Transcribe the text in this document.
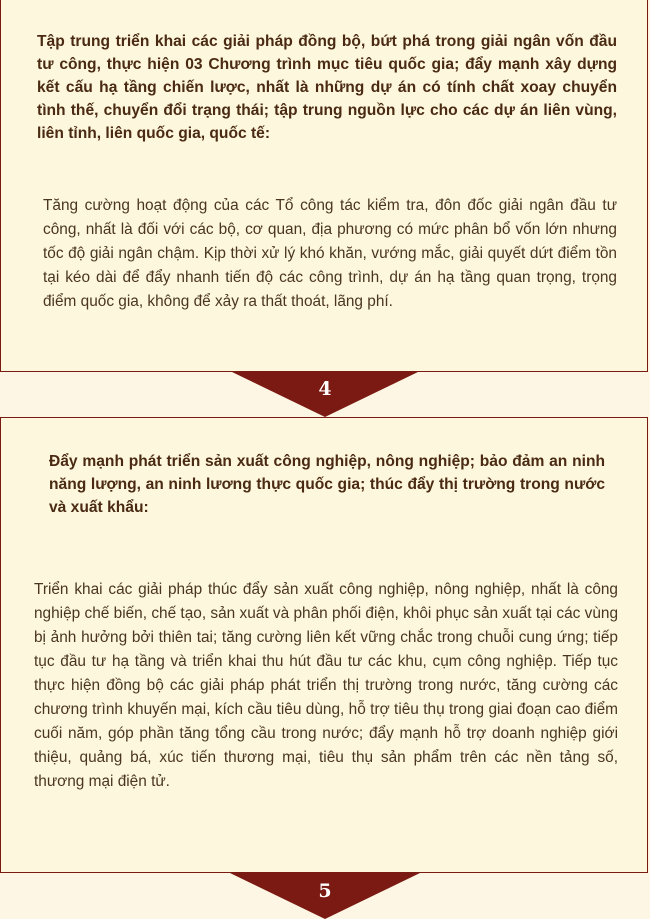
Tập trung triển khai các giải pháp đồng bộ, bứt phá trong giải ngân vốn đầu tư công, thực hiện 03 Chương trình mục tiêu quốc gia; đẩy mạnh xây dựng kết cấu hạ tầng chiến lược, nhất là những dự án có tính chất xoay chuyển tình thế, chuyển đổi trạng thái; tập trung nguồn lực cho các dự án liên vùng, liên tỉnh, liên quốc gia, quốc tế:
Tăng cường hoạt động của các Tổ công tác kiểm tra, đôn đốc giải ngân đầu tư công, nhất là đối với các bộ, cơ quan, địa phương có mức phân bổ vốn lớn nhưng tốc độ giải ngân chậm. Kịp thời xử lý khó khăn, vướng mắc, giải quyết dứt điểm tồn tại kéo dài để đẩy nhanh tiến độ các công trình, dự án hạ tầng quan trọng, trọng điểm quốc gia, không để xảy ra thất thoát, lãng phí.
4
Đẩy mạnh phát triển sản xuất công nghiệp, nông nghiệp; bảo đảm an ninh năng lượng, an ninh lương thực quốc gia; thúc đẩy thị trường trong nước và xuất khẩu:
Triển khai các giải pháp thúc đẩy sản xuất công nghiệp, nông nghiệp, nhất là công nghiệp chế biến, chế tạo, sản xuất và phân phối điện, khôi phục sản xuất tại các vùng bị ảnh hưởng bởi thiên tai; tăng cường liên kết vững chắc trong chuỗi cung ứng; tiếp tục đầu tư hạ tầng và triển khai thu hút đầu tư các khu, cụm công nghiệp. Tiếp tục thực hiện đồng bộ các giải pháp phát triển thị trường trong nước, tăng cường các chương trình khuyến mại, kích cầu tiêu dùng, hỗ trợ tiêu thụ trong giai đoạn cao điểm cuối năm, góp phần tăng tổng cầu trong nước; đẩy mạnh hỗ trợ doanh nghiệp giới thiệu, quảng bá, xúc tiến thương mại, tiêu thụ sản phẩm trên các nền tảng số, thương mại điện tử.
5
